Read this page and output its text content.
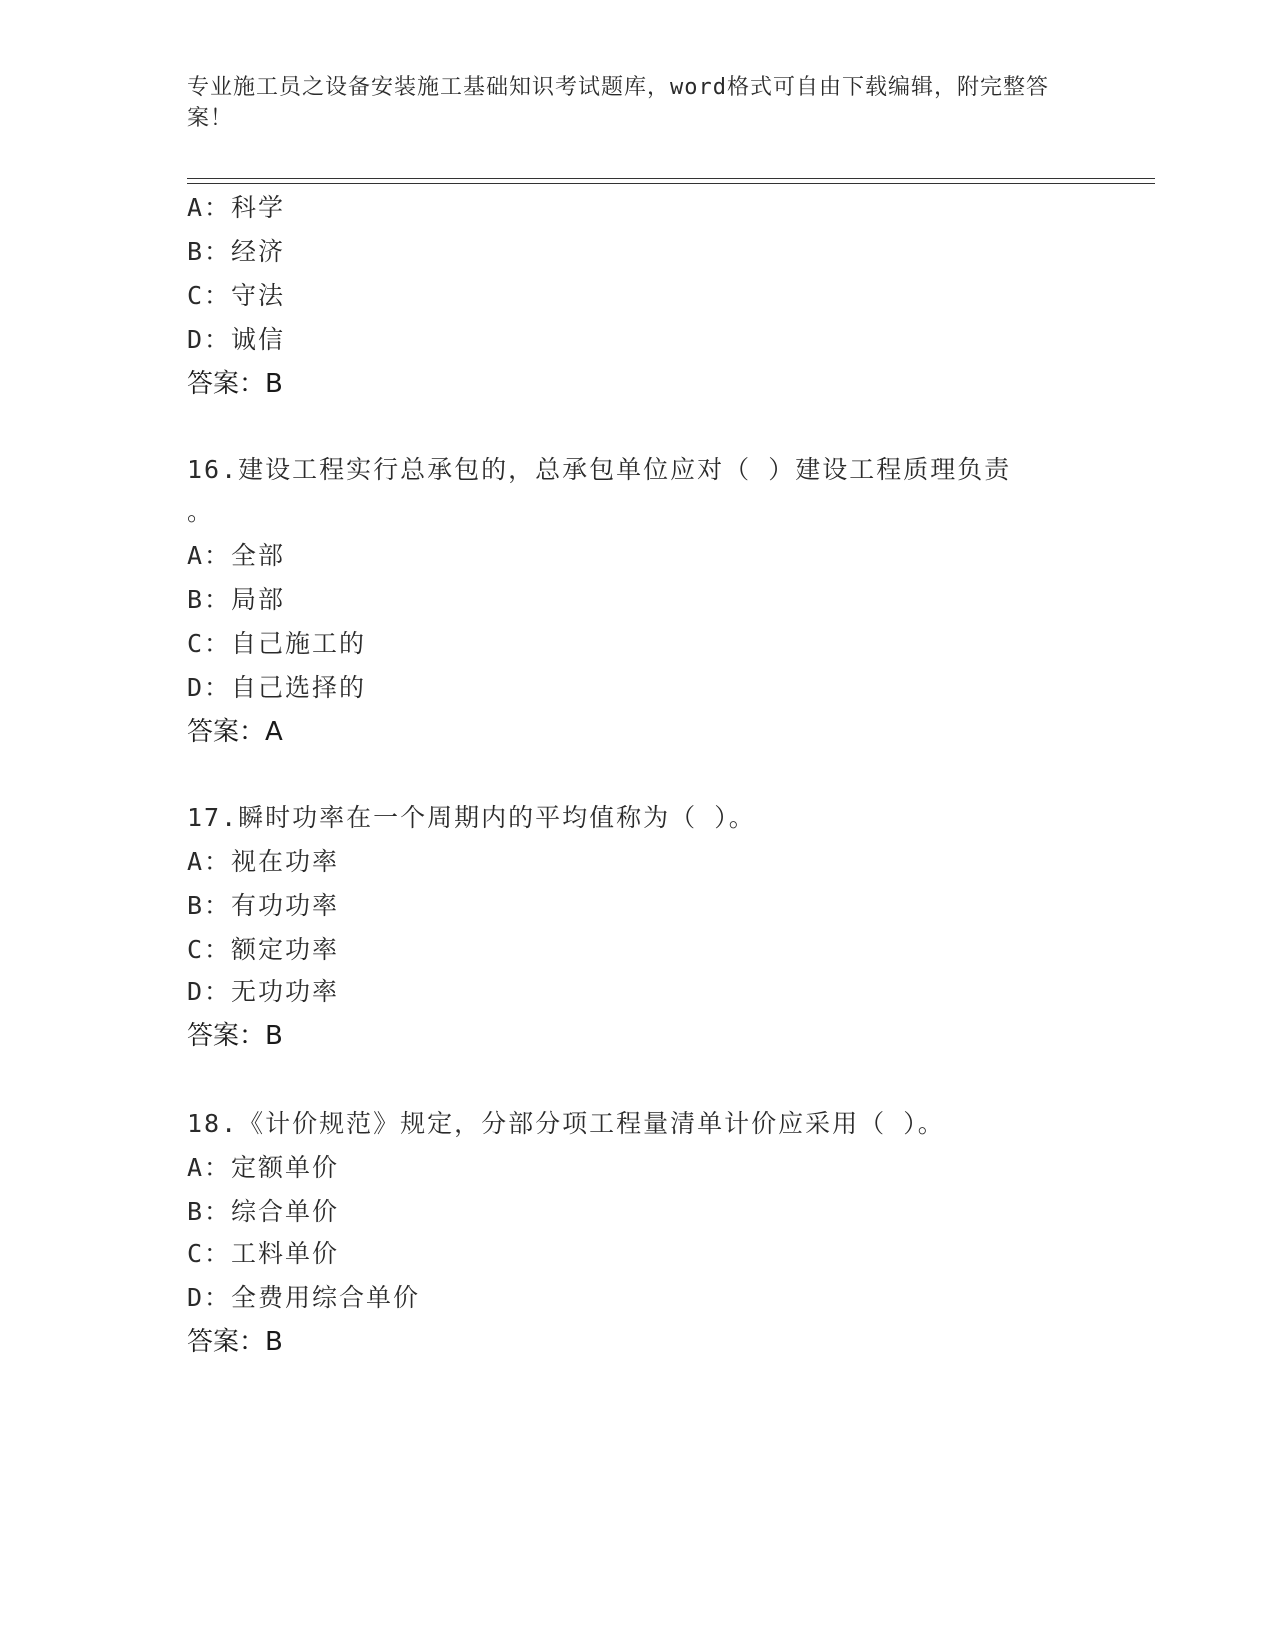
专业施工员之设备安装施工基础知识考试题库，word格式可自由下载编辑，附完整答案！
A：科学
B：经济
C：守法
D：诚信
答案：B
16.建设工程实行总承包的，总承包单位应对（ ）建设工程质理负责
。
A：全部
B：局部
C：自己施工的
D：自己选择的
答案：A
17.瞬时功率在一个周期内的平均值称为（ ）。
A：视在功率
B：有功功率
C：额定功率
D：无功功率
答案：B
18.《计价规范》规定，分部分项工程量清单计价应采用（ ）。
A：定额单价
B：综合单价
C：工料单价
D：全费用综合单价
答案：B
